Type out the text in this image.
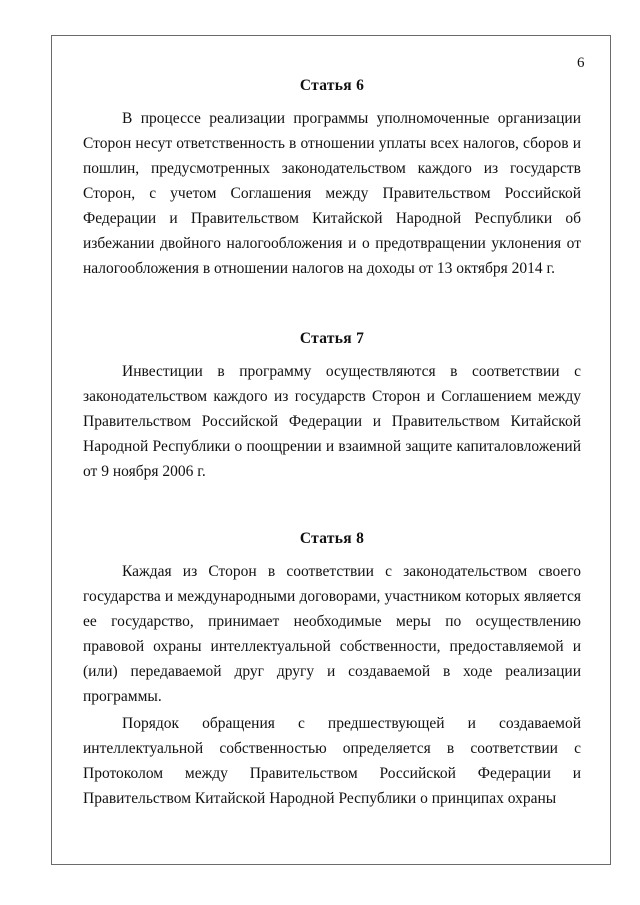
6

Статья 6

В процессе реализации программы уполномоченные организации Сторон несут ответственность в отношении уплаты всех налогов, сборов и пошлин, предусмотренных законодательством каждого из государств Сторон, с учетом Соглашения между Правительством Российской Федерации и Правительством Китайской Народной Республики об избежании двойного налогообложения и о предотвращении уклонения от налогообложения в отношении налогов на доходы от 13 октября 2014 г.

Статья 7

Инвестиции в программу осуществляются в соответствии с законодательством каждого из государств Сторон и Соглашением между Правительством Российской Федерации и Правительством Китайской Народной Республики о поощрении и взаимной защите капиталовложений от 9 ноября 2006 г.

Статья 8

Каждая из Сторон в соответствии с законодательством своего государства и международными договорами, участником которых является ее государство, принимает необходимые меры по осуществлению правовой охраны интеллектуальной собственности, предоставляемой и (или) передаваемой друг другу и создаваемой в ходе реализации программы.

Порядок обращения с предшествующей и создаваемой интеллектуальной собственностью определяется в соответствии с Протоколом между Правительством Российской Федерации и Правительством Китайской Народной Республики о принципах охраны
